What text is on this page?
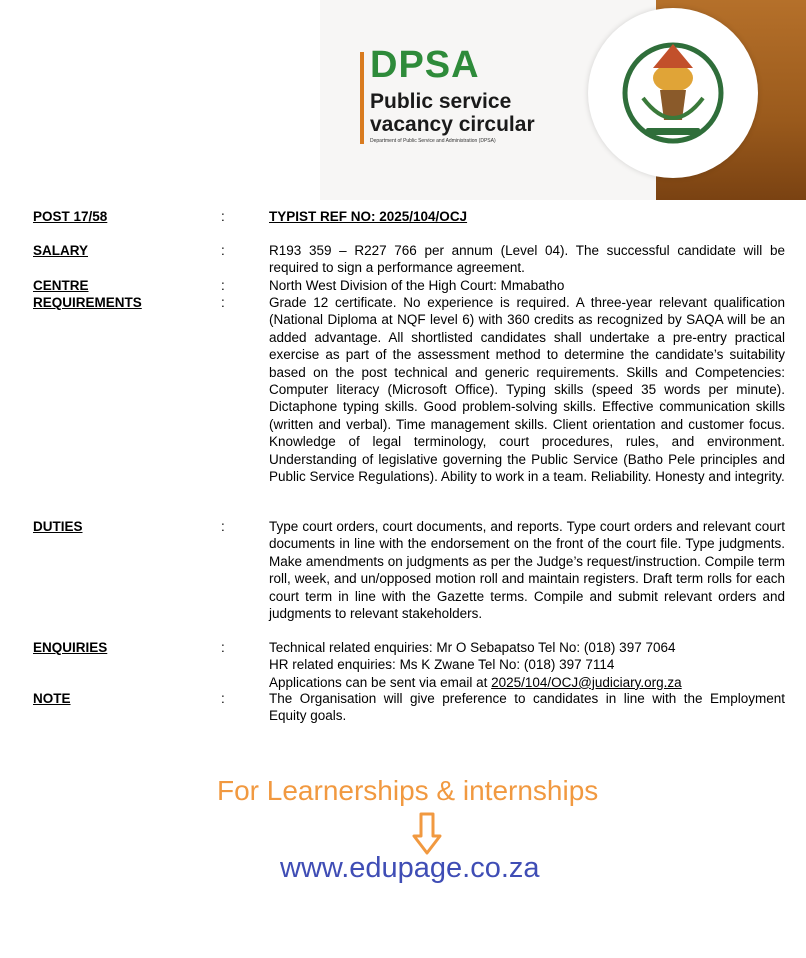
DPSA
Public service
vacancy circular
Department of Public Service and Administration (DPSA)
POST 17/58	:	TYPIST REF NO: 2025/104/OCJ
SALARY	:	R193 359 – R227 766 per annum (Level 04). The successful candidate will be required to sign a performance agreement.
CENTRE	:	North West Division of the High Court: Mmabatho
REQUIREMENTS	:	Grade 12 certificate. No experience is required. A three-year relevant qualification (National Diploma at NQF level 6) with 360 credits as recognized by SAQA will be an added advantage. All shortlisted candidates shall undertake a pre-entry practical exercise as part of the assessment method to determine the candidate’s suitability based on the post technical and generic requirements. Skills and Competencies: Computer literacy (Microsoft Office). Typing skills (speed 35 words per minute). Dictaphone typing skills. Good problem-solving skills. Effective communication skills (written and verbal). Time management skills. Client orientation and customer focus. Knowledge of legal terminology, court procedures, rules, and environment. Understanding of legislative governing the Public Service (Batho Pele principles and Public Service Regulations). Ability to work in a team. Reliability. Honesty and integrity.
DUTIES	:	Type court orders, court documents, and reports. Type court orders and relevant court documents in line with the endorsement on the front of the court file. Type judgments. Make amendments on judgments as per the Judge’s request/instruction. Compile term roll, week, and un/opposed motion roll and maintain registers. Draft term rolls for each court term in line with the Gazette terms. Compile and submit relevant orders and judgments to relevant stakeholders.
ENQUIRIES	:	Technical related enquiries: Mr O Sebapatso Tel No: (018) 397 7064

HR related enquiries: Ms K Zwane Tel No: (018) 397 7114

Applications can be sent via email at 2025/104/OCJ@judiciary.org.za

NOTE	:	The Organisation will give preference to candidates in line with the Employment Equity goals.
For Learnerships & internships
www.edupage.co.za
